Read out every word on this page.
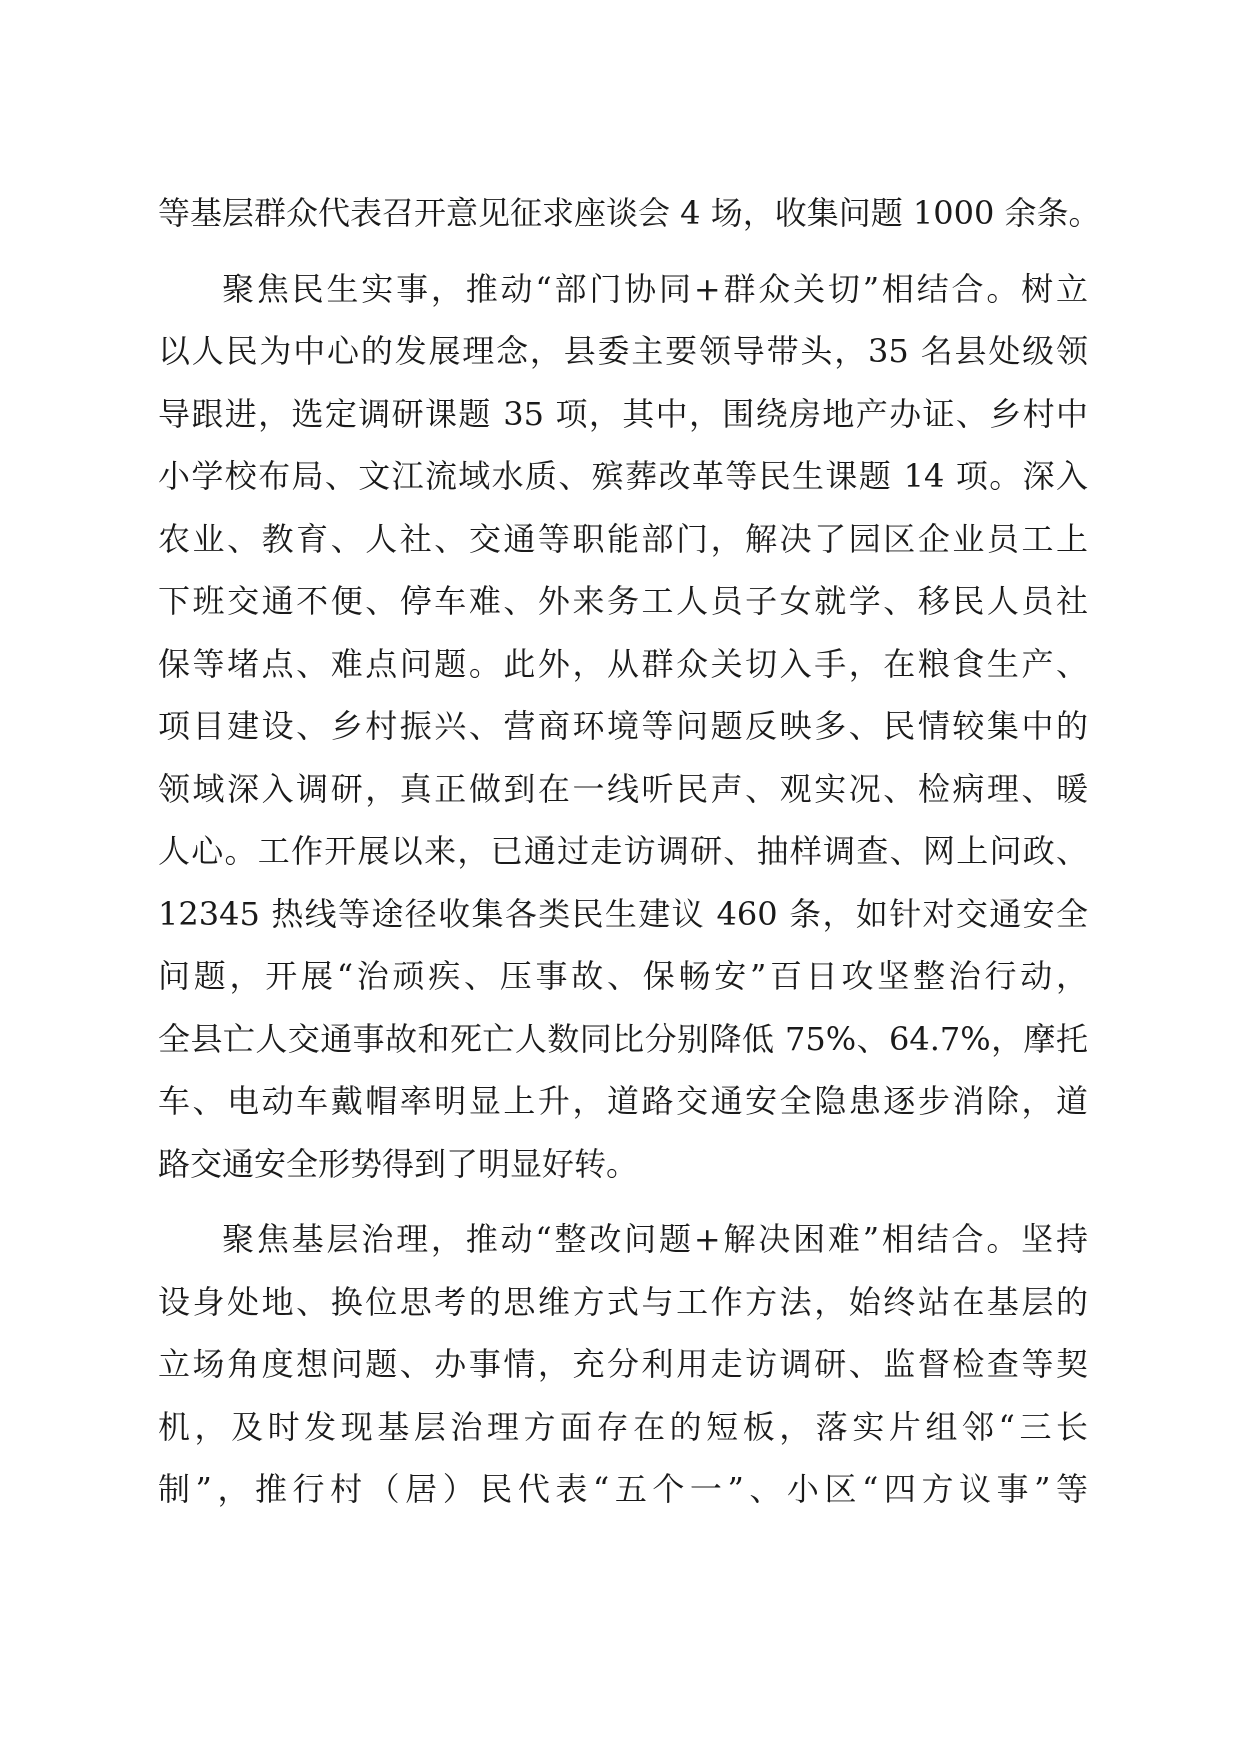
等基层群众代表召开意见征求座谈会 4 场，收集问题 1000 余条。
聚焦民生实事，推动“部门协同+群众关切”相结合。树立
以人民为中心的发展理念，县委主要领导带头，35 名县处级领
导跟进，选定调研课题 35 项，其中，围绕房地产办证、乡村中
小学校布局、文江流域水质、殡葬改革等民生课题 14 项。深入
农业、教育、人社、交通等职能部门，解决了园区企业员工上
下班交通不便、停车难、外来务工人员子女就学、移民人员社
保等堵点、难点问题。此外，从群众关切入手，在粮食生产、
项目建设、乡村振兴、营商环境等问题反映多、民情较集中的
领域深入调研，真正做到在一线听民声、观实况、检病理、暖
人心。工作开展以来，已通过走访调研、抽样调查、网上问政、
12345 热线等途径收集各类民生建议 460 条，如针对交通安全
问题，开展“治顽疾、压事故、保畅安”百日攻坚整治行动，
全县亡人交通事故和死亡人数同比分别降低 75%、64.7%，摩托
车、电动车戴帽率明显上升，道路交通安全隐患逐步消除，道
路交通安全形势得到了明显好转。
聚焦基层治理，推动“整改问题+解决困难”相结合。坚持
设身处地、换位思考的思维方式与工作方法，始终站在基层的
立场角度想问题、办事情，充分利用走访调研、监督检查等契
机，及时发现基层治理方面存在的短板，落实片组邻“三长
制”，推行村（居）民代表“五个一”、小区“四方议事”等
